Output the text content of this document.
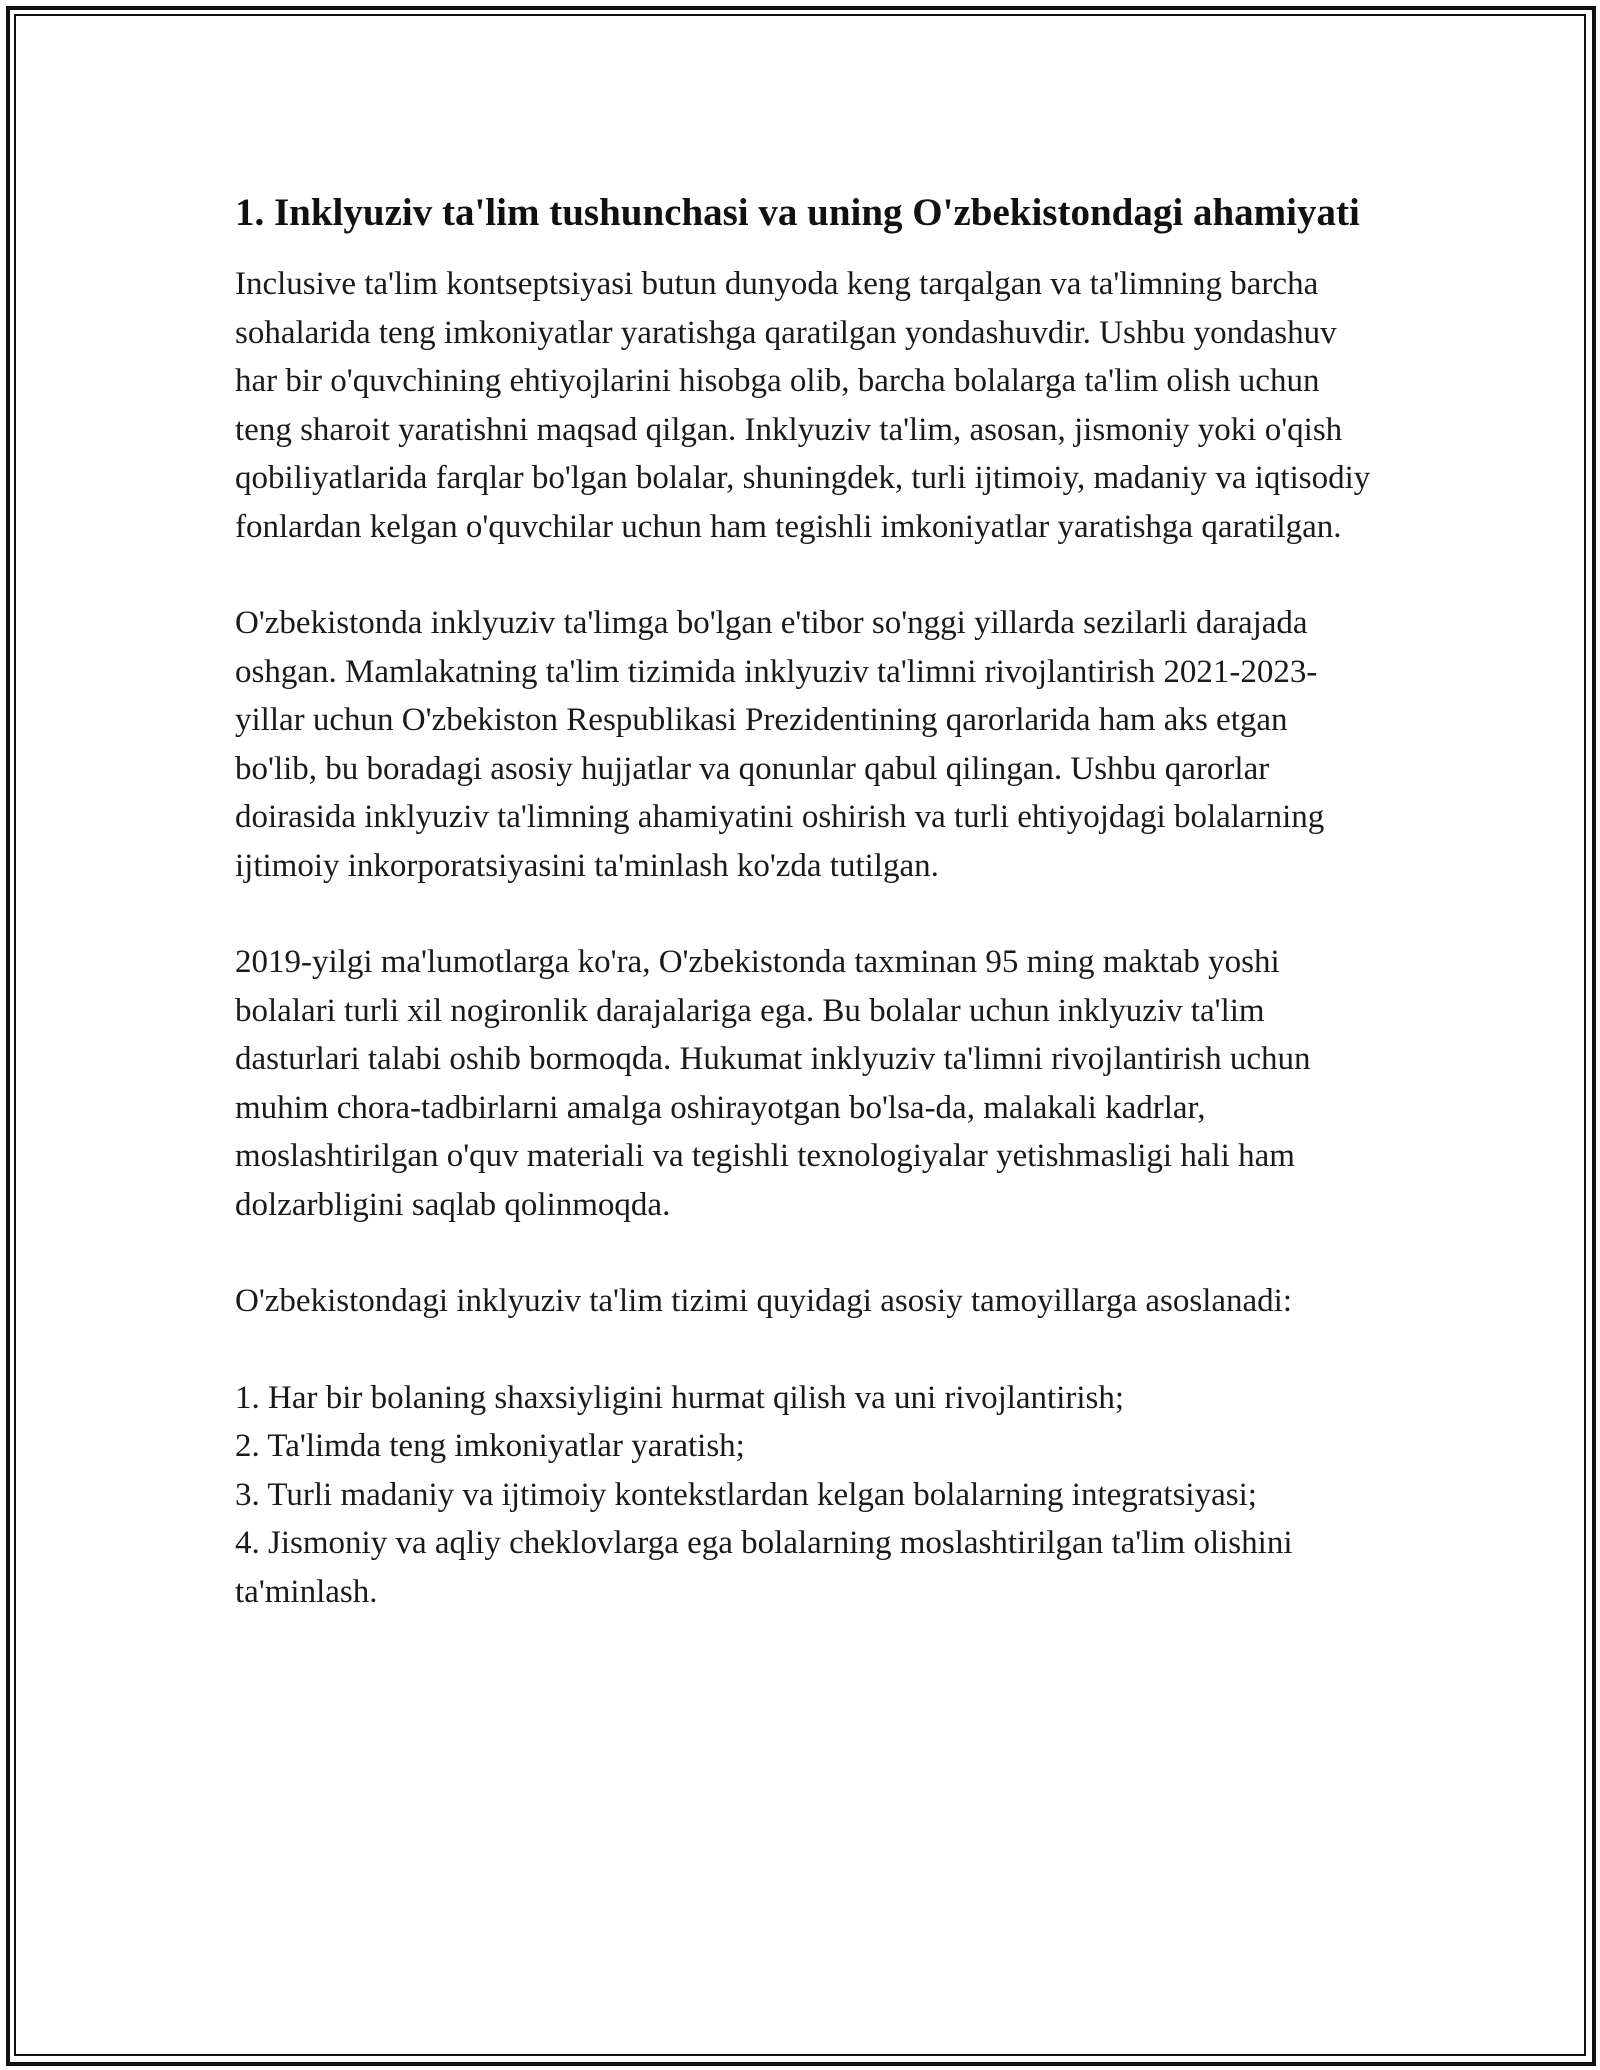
1. Inklyuziv ta'lim tushunchasi va uning O'zbekistondagi ahamiyati

Inclusive ta'lim kontseptsiyasi butun dunyoda keng tarqalgan va ta'limning barcha sohalarida teng imkoniyatlar yaratishga qaratilgan yondashuvdir. Ushbu yondashuv har bir o'quvchining ehtiyojlarini hisobga olib, barcha bolalarga ta'lim olish uchun teng sharoit yaratishni maqsad qilgan. Inklyuziv ta'lim, asosan, jismoniy yoki o'qish qobiliyatlarida farqlar bo'lgan bolalar, shuningdek, turli ijtimoiy, madaniy va iqtisodiy fonlardan kelgan o'quvchilar uchun ham tegishli imkoniyatlar yaratishga qaratilgan.

O'zbekistonda inklyuziv ta'limga bo'lgan e'tibor so'nggi yillarda sezilarli darajada oshgan. Mamlakatning ta'lim tizimida inklyuziv ta'limni rivojlantirish 2021-2023-yillar uchun O'zbekiston Respublikasi Prezidentining qarorlarida ham aks etgan bo'lib, bu boradagi asosiy hujjatlar va qonunlar qabul qilingan. Ushbu qarorlar doirasida inklyuziv ta'limning ahamiyatini oshirish va turli ehtiyojdagi bolalarning ijtimoiy inkorporatsiyasini ta'minlash ko'zda tutilgan.

2019-yilgi ma'lumotlarga ko'ra, O'zbekistonda taxminan 95 ming maktab yoshi bolalari turli xil nogironlik darajalariga ega. Bu bolalar uchun inklyuziv ta'lim dasturlari talabi oshib bormoqda. Hukumat inklyuziv ta'limni rivojlantirish uchun muhim chora-tadbirlarni amalga oshirayotgan bo'lsa-da, malakali kadrlar, moslashtirilgan o'quv materiali va tegishli texnologiyalar yetishmasligi hali ham dolzarbligini saqlab qolinmoqda.

O'zbekistondagi inklyuziv ta'lim tizimi quyidagi asosiy tamoyillarga asoslanadi:

1. Har bir bolaning shaxsiyligini hurmat qilish va uni rivojlantirish;
2. Ta'limda teng imkoniyatlar yaratish;
3. Turli madaniy va ijtimoiy kontekstlardan kelgan bolalarning integratsiyasi;
4. Jismoniy va aqliy cheklovlarga ega bolalarning moslashtirilgan ta'lim olishini ta'minlash.
